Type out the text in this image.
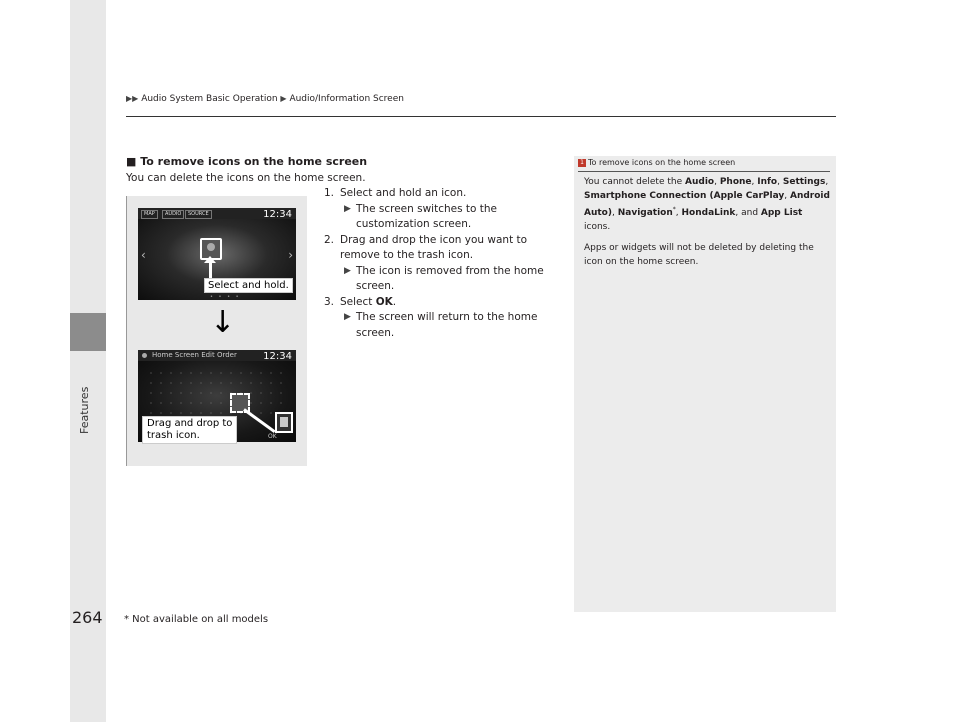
Features
▶▶ Audio System Basic Operation ▶ Audio/Information Screen
■ To remove icons on the home screen
You can delete the icons on the home screen.
MAP	AUDIO	SOURCE	12:34
‹	›
• • • •
Select and hold.
↓
Home Screen Edit Order	12:34
OK
Drag and drop to
trash icon.
1. Select and hold an icon.
▶ The screen switches to the customization screen.
2. Drag and drop the icon you want to remove to the trash icon.
▶ The icon is removed from the home screen.
3. Select OK.
▶ The screen will return to the home screen.
1 To remove icons on the home screen

You cannot delete the Audio, Phone, Info, Settings, Smartphone Connection (Apple CarPlay, Android Auto), Navigation*, HondaLink, and App List icons.

Apps or widgets will not be deleted by deleting the icon on the home screen.

264 * Not available on all models
